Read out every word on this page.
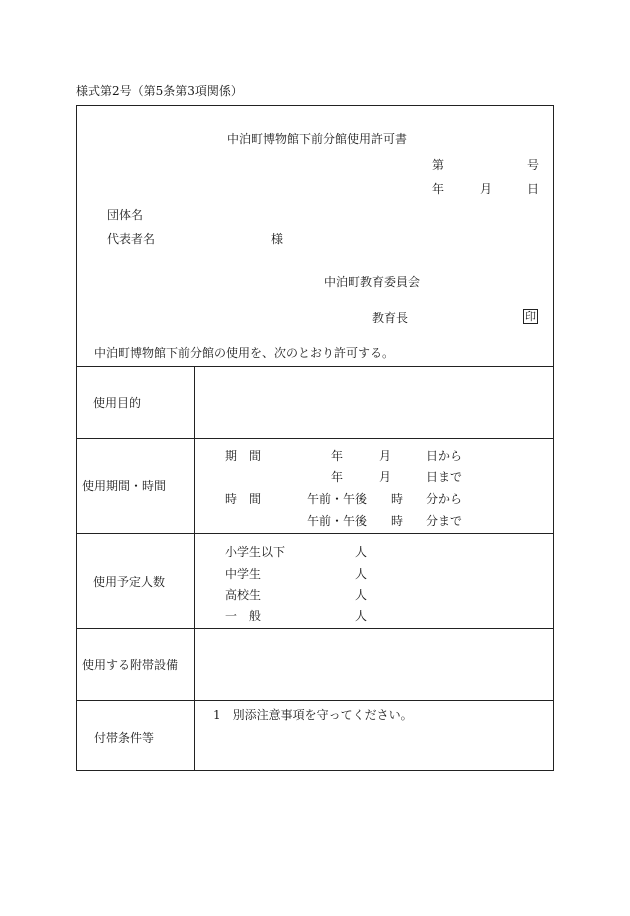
様式第2号（第5条第3項関係）
中泊町博物館下前分館使用許可書
第	号
年	月	日
団体名
代表者名	様
中泊町教育委員会
教育長	印
中泊町博物館下前分館の使用を、次のとおり許可する。
使用目的
使用期間・時間
期　間	年	月	日から
年	月	日まで
時　間	午前・午後 時 分から
午前・午後 時 分まで
使用予定人数
小学生以下	人
中学生	人
高校生	人
一　般	人
使用する附帯設備
付帯条件等
1　別添注意事項を守ってください。
